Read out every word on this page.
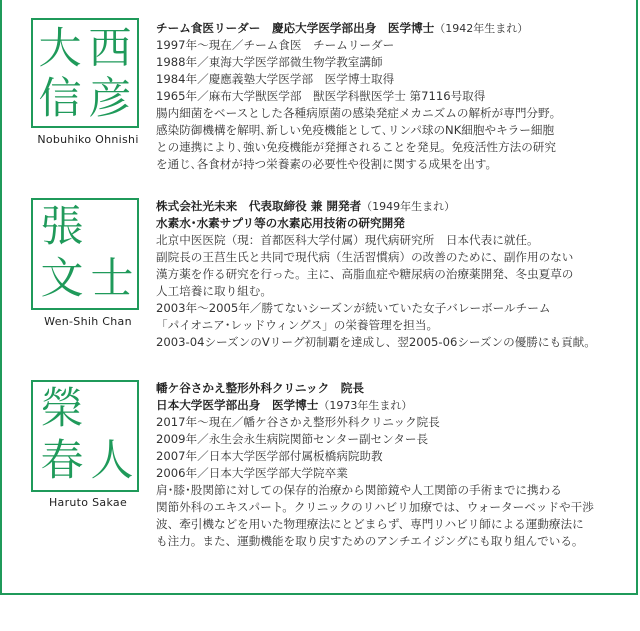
大 西
信 彦
Nobuhiko Ohnishi
チーム食医リーダー　慶応大学医学部出身　医学博士（1942年生まれ）
1997年〜現在／チーム食医　チームリーダー
1988年／東海大学医学部微生物学教室講師
1984年／慶應義塾大学医学部　医学博士取得
1965年／麻布大学獣医学部　獣医学科獣医学士 第7116号取得
腸内細菌をベースとした各種病原菌の感染発症メカニズムの解析が専門分野。
感染防御機構を解明､新しい免疫機能として､リンパ球のNK細胞やキラー細胞
との連携により､強い免疫機能が発揮されることを発見。免疫活性方法の研究
を通じ､各食材が持つ栄養素の必要性や役割に関する成果を出す。
張
文 士
Wen-Shih Chan
株式会社光未来　代表取締役 兼 開発者（1949年生まれ）
水素水･水素サプリ等の水素応用技術の研究開発
北京中医医院（現：首都医科大学付属）現代病研究所　日本代表に就任。
副院長の王莒生氏と共同で現代病（生活習慣病）の改善のために、副作用のない
漢方薬を作る研究を行った。主に、高脂血症や糖尿病の治療薬開発、冬虫夏草の
人工培養に取り組む。
2003年〜2005年／勝てないシーズンが続いていた女子バレーボールチーム
「パイオニア･レッドウィングス」の栄養管理を担当。
2003-04シーズンのVリーグ初制覇を達成し、翌2005-06シーズンの優勝にも貢献。
榮
春 人
Haruto Sakae
幡ケ谷さかえ整形外科クリニック　院長
日本大学医学部出身　医学博士（1973年生まれ）
2017年〜現在／幡ケ谷さかえ整形外科クリニック院長
2009年／永生会永生病院関節センター副センター長
2007年／日本大学医学部付属板橋病院助教
2006年／日本大学医学部大学院卒業
肩･膝･股関節に対しての保存的治療から関節鏡や人工関節の手術までに携わる
関節外科のエキスパート。クリニックのリハビリ加療では、ウォーターベッドや干渉
波、牽引機などを用いた物理療法にとどまらず、専門リハビリ師による運動療法に
も注力。また、運動機能を取り戻すためのアンチエイジングにも取り組んでいる。
